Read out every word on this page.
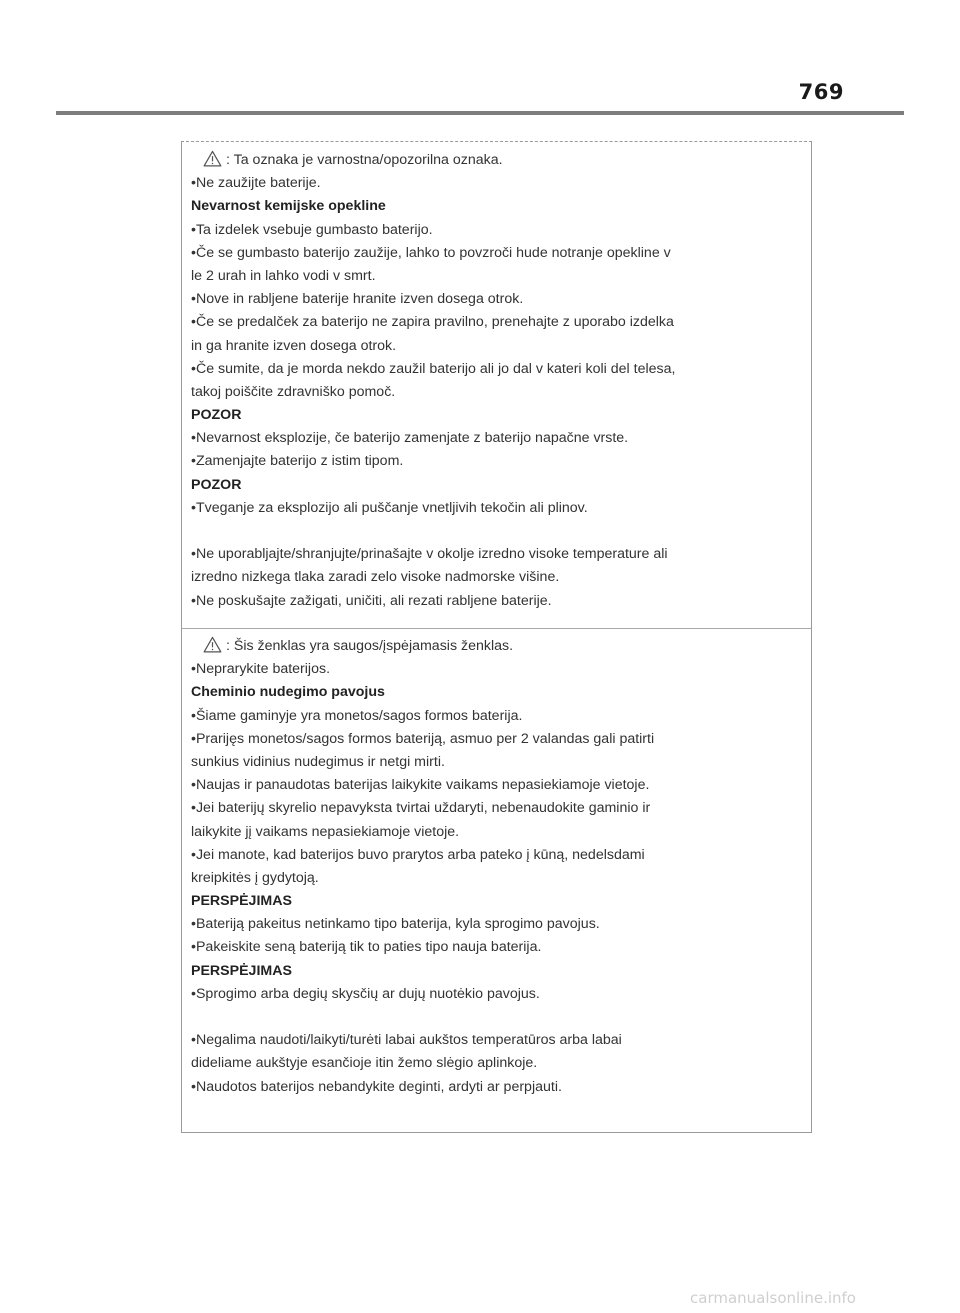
769
: Ta oznaka je varnostna/opozorilna oznaka.
•Ne zaužijte baterije.
Nevarnost kemijske opekline
•Ta izdelek vsebuje gumbasto baterijo.
•Če se gumbasto baterijo zaužije, lahko to povzroči hude notranje opekline v
le 2 urah in lahko vodi v smrt.
•Nove in rabljene baterije hranite izven dosega otrok.
•Če se predalček za baterijo ne zapira pravilno, prenehajte z uporabo izdelka
in ga hranite izven dosega otrok.
•Če sumite, da je morda nekdo zaužil baterijo ali jo dal v kateri koli del telesa,
takoj poiščite zdravniško pomoč.
POZOR
•Nevarnost eksplozije, če baterijo zamenjate z baterijo napačne vrste.
•Zamenjajte baterijo z istim tipom.
POZOR
•Tveganje za eksplozijo ali puščanje vnetljivih tekočin ali plinov.
•Ne uporabljajte/shranjujte/prinašajte v okolje izredno visoke temperature ali
izredno nizkega tlaka zaradi zelo visoke nadmorske višine.
•Ne poskušajte zažigati, uničiti, ali rezati rabljene baterije.
: Šis ženklas yra saugos/įspėjamasis ženklas.
•Neprarykite baterijos.
Cheminio nudegimo pavojus
•Šiame gaminyje yra monetos/sagos formos baterija.
•Prarijęs monetos/sagos formos bateriją, asmuo per 2 valandas gali patirti
sunkius vidinius nudegimus ir netgi mirti.
•Naujas ir panaudotas baterijas laikykite vaikams nepasiekiamoje vietoje.
•Jei baterijų skyrelio nepavyksta tvirtai uždaryti, nebenaudokite gaminio ir
laikykite jį vaikams nepasiekiamoje vietoje.
•Jei manote, kad baterijos buvo prarytos arba pateko į kūną, nedelsdami
kreipkitės į gydytoją.
PERSPĖJIMAS
•Bateriją pakeitus netinkamo tipo baterija, kyla sprogimo pavojus.
•Pakeiskite seną bateriją tik to paties tipo nauja baterija.
PERSPĖJIMAS
•Sprogimo arba degių skysčių ar dujų nuotėkio pavojus.
•Negalima naudoti/laikyti/turėti labai aukštos temperatūros arba labai
dideliame aukštyje esančioje itin žemo slėgio aplinkoje.
•Naudotos baterijos nebandykite deginti, ardyti ar perpjauti.
carmanualsonline.info
